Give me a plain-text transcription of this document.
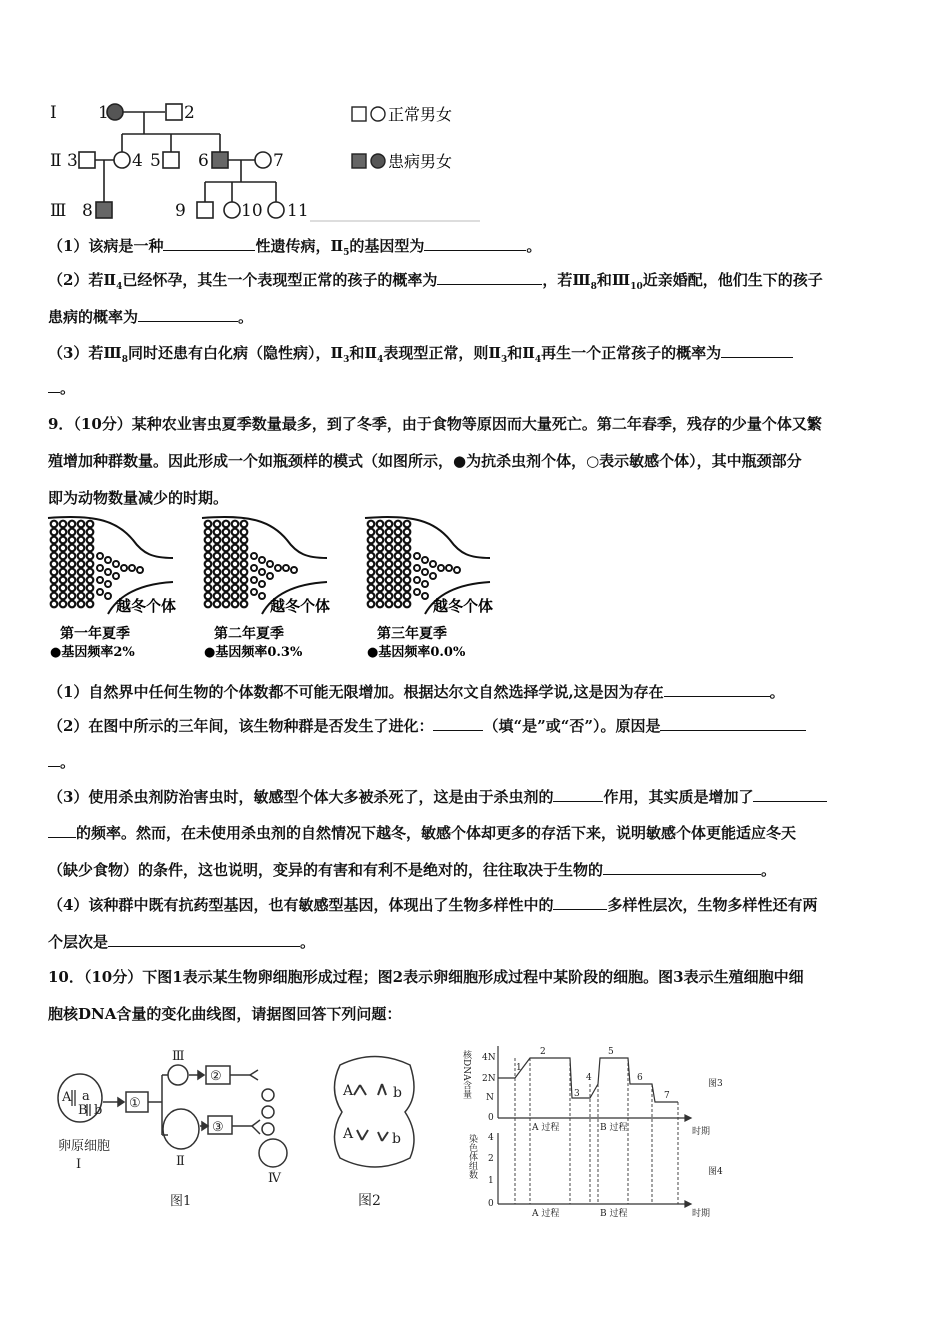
Ⅰ
Ⅱ
Ⅲ
1	2
3	4 5 6	7
8	9	10 11
正常男女
患病男女
（1）该病是一种	性遗传病，$Ⅱ_5$的基因型为	。
（2）若$Ⅱ_4$已经怀孕，其生一个表现型正常的孩子的概率为	，若$Ⅲ_8$和$Ⅲ_{10}$近亲婚配，他们生下的孩子
患病的概率为	。
（3）若$Ⅲ_8$同时还患有白化病（隐性病），$Ⅱ_3$和$Ⅱ_4$表现型正常，则$Ⅱ_3$和$Ⅱ_4$再生一个正常孩子的概率为
。
9．（10分）某种农业害虫夏季数量最多，到了冬季，由于食物等原因而大量死亡。第二年春季，残存的少量个体又繁
殖增加种群数量。因此形成一个如瓶颈样的模式（如图所示，●为抗杀虫剂个体，○表示敏感个体），其中瓶颈部分
即为动物数量减少的时期。
越冬个体
第一年夏季
●基因频率2%
越冬个体
第二年夏季
●基因频率0.3%
越冬个体
第三年夏季
●基因频率0.0%
（1）自然界中任何生物的个体数都不可能无限增加。根据达尔文自然选择学说,这是因为存在	。
（2）在图中所示的三年间，该生物种群是否发生了进化：	（填“是”或“否”）。原因是
。
（3）使用杀虫剂防治害虫时，敏感型个体大多被杀死了，这是由于杀虫剂的	作用，其实质是增加了
的频率。然而，在未使用杀虫剂的自然情况下越冬，敏感个体却更多的存活下来，说明敏感个体更能适应冬天
（缺少食物）的条件，这也说明，变异的有害和有利不是绝对的，往往取决于生物的	。
（4）该种群中既有抗药型基因，也有敏感型基因，体现出了生物多样性中的	多样性层次，生物多样性还有两
个层次是	。
10．（10分）下图1表示某生物卵细胞形成过程；图2表示卵细胞形成过程中某阶段的细胞。图3表示生殖细胞中细
胞核DNA含量的变化曲线图，请据图回答下列问题：
A a
B b ①
②
③
Ⅲ
Ⅱ
Ⅳ
卵原细胞
Ⅰ
图1
A	b
A	b
图2
核DNA含量 4N
2N
N
0
1
2
3
4
5
6
7
A 过程	B 过程	时期
图3
染色体组数 4
2
1
0
图4
A 过程	B 过程	时期
